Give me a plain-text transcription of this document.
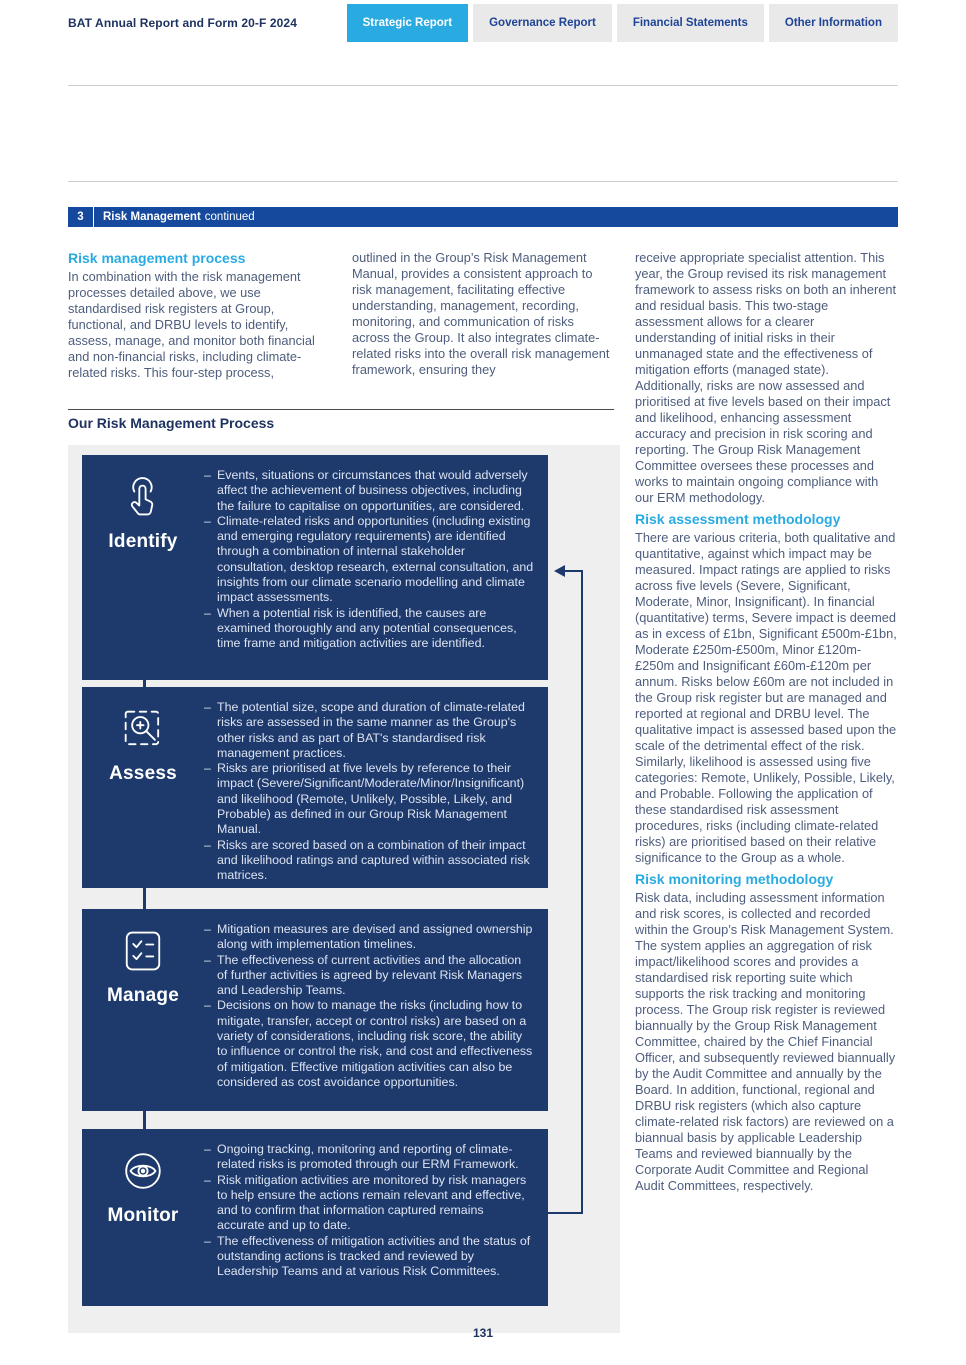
BAT Annual Report and Form 20-F 2024	Strategic Report	Governance Report	Financial Statements	Other Information
3	Risk Management continued
Risk management process

In combination with the risk management processes detailed above, we use standardised risk registers at Group, functional, and DRBU levels to identify, assess, manage, and monitor both financial and non-financial risks, including climate-related risks. This four-step process,

outlined in the Group’s Risk Management Manual, provides a consistent approach to risk management, facilitating effective understanding, management, recording, monitoring, and communication of risks across the Group. It also integrates climate-related risks into the overall risk management framework, ensuring they

receive appropriate specialist attention. This year, the Group revised its risk management framework to assess risks on both an inherent and residual basis. This two-stage assessment allows for a clearer understanding of initial risks in their unmanaged state and the effectiveness of mitigation efforts (managed state). Additionally, risks are now assessed and prioritised at five levels based on their impact and likelihood, enhancing assessment accuracy and precision in risk scoring and reporting. The Group Risk Management Committee oversees these processes and works to maintain ongoing compliance with our ERM methodology.

Risk assessment methodology

There are various criteria, both qualitative and quantitative, against which impact may be measured. Impact ratings are applied to risks across five levels (Severe, Significant, Moderate, Minor, Insignificant). In financial (quantitative) terms, Severe impact is deemed as in excess of £1bn, Significant £500m-£1bn, Moderate £250m-£500m, Minor £120m-£250m and Insignificant £60m-£120m per annum. Risks below £60m are not included in the Group risk register but are managed and reported at regional and DRBU level. The qualitative impact is assessed based upon the scale of the detrimental effect of the risk. Similarly, likelihood is assessed using five categories: Remote, Unlikely, Possible, Likely, and Probable. Following the application of these standardised risk assessment procedures, risks (including climate-related risks) are prioritised based on their relative significance to the Group as a whole.

Risk monitoring methodology

Risk data, including assessment information and risk scores, is collected and recorded within the Group’s Risk Management System. The system applies an aggregation of risk impact/likelihood scores and provides a standardised risk reporting suite which supports the risk tracking and monitoring process. The Group risk register is reviewed biannually by the Group Risk Management Committee, chaired by the Chief Financial Officer, and subsequently reviewed biannually by the Audit Committee and annually by the Board. In addition, functional, regional and DRBU risk registers (which also capture climate-related risk factors) are reviewed on a biannual basis by applicable Leadership Teams and reviewed biannually by the Corporate Audit Committee and Regional Audit Committees, respectively.

Our Risk Management Process
Identify
– Events, situations or circumstances that would adversely affect the achievement of business objectives, including the failure to capitalise on opportunities, are considered.
– Climate-related risks and opportunities (including existing and emerging regulatory requirements) are identified through a combination of internal stakeholder consultation, desktop research, external consultation, and insights from our climate scenario modelling and climate impact assessments.
– When a potential risk is identified, the causes are examined thoroughly and any potential consequences, time frame and mitigation activities are identified.
Assess
– The potential size, scope and duration of climate-related risks are assessed in the same manner as the Group's other risks and as part of BAT's standardised risk management practices.
– Risks are prioritised at five levels by reference to their impact (Severe/Significant/Moderate/Minor/Insignificant) and likelihood (Remote, Unlikely, Possible, Likely, and Probable) as defined in our Group Risk Management Manual.
– Risks are scored based on a combination of their impact and likelihood ratings and captured within associated risk matrices.
Manage
– Mitigation measures are devised and assigned ownership along with implementation timelines.
– The effectiveness of current activities and the allocation of further activities is agreed by relevant Risk Managers and Leadership Teams.
– Decisions on how to manage the risks (including how to mitigate, transfer, accept or control risks) are based on a variety of considerations, including risk score, the ability to influence or control the risk, and cost and effectiveness of mitigation. Effective mitigation activities can also be considered as cost avoidance opportunities.
Monitor
– Ongoing tracking, monitoring and reporting of climate-related risks is promoted through our ERM Framework.
– Risk mitigation activities are monitored by risk managers to help ensure the actions remain relevant and effective, and to confirm that information captured remains accurate and up to date.
– The effectiveness of mitigation activities and the status of outstanding actions is tracked and reviewed by Leadership Teams and at various Risk Committees.
131
